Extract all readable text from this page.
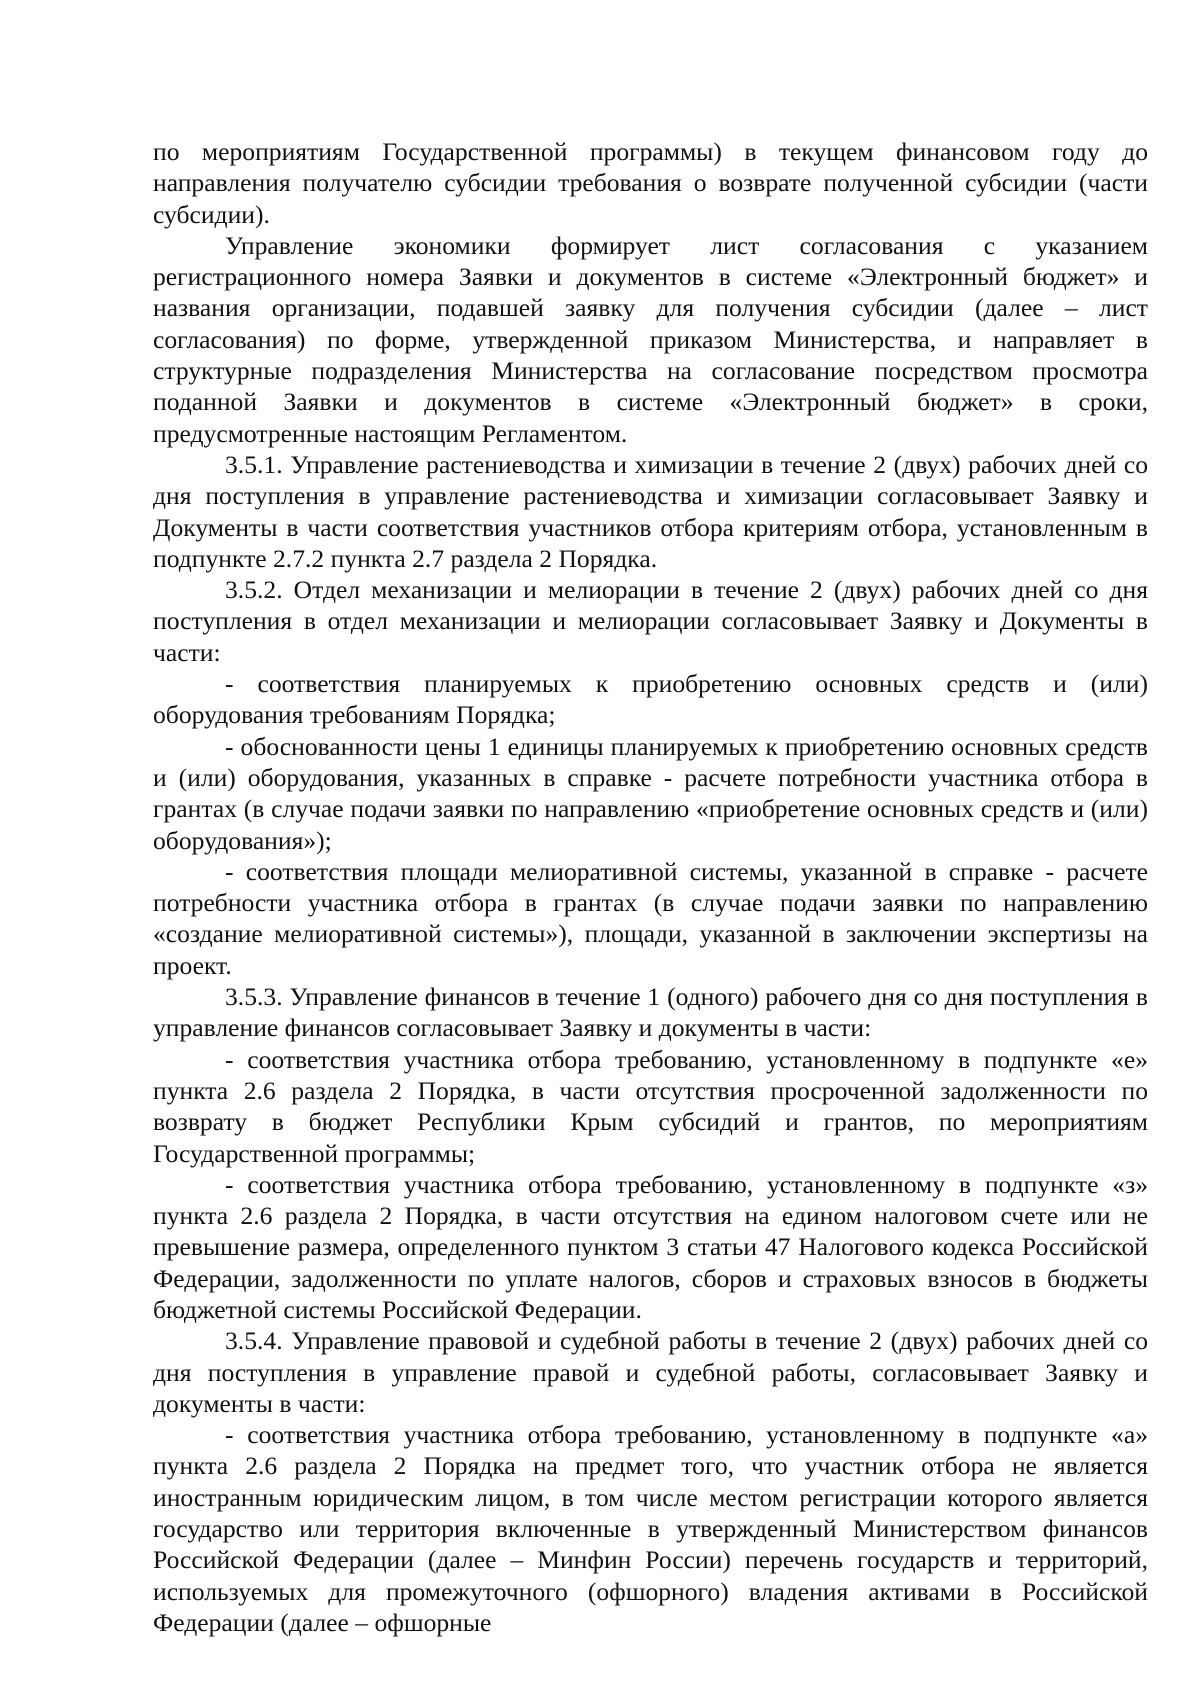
по мероприятиям Государственной программы) в текущем финансовом году до направления получателю субсидии требования о возврате полученной субсидии (части субсидии).

Управление экономики формирует лист согласования с указанием регистрационного номера Заявки и документов в системе «Электронный бюджет» и названия организации, подавшей заявку для получения субсидии (далее – лист согласования) по форме, утвержденной приказом Министерства, и направляет в структурные подразделения Министерства на согласование посредством просмотра поданной Заявки и документов в системе «Электронный бюджет» в сроки, предусмотренные настоящим Регламентом.

3.5.1. Управление растениеводства и химизации в течение 2 (двух) рабочих дней со дня поступления в управление растениеводства и химизации согласовывает Заявку и Документы в части соответствия участников отбора критериям отбора, установленным в подпункте 2.7.2 пункта 2.7 раздела 2 Порядка.

3.5.2. Отдел механизации и мелиорации в течение 2 (двух) рабочих дней со дня поступления в отдел механизации и мелиорации согласовывает Заявку и Документы в части:

- соответствия планируемых к приобретению основных средств и (или) оборудования требованиям Порядка;

- обоснованности цены 1 единицы планируемых к приобретению основных средств и (или) оборудования, указанных в справке - расчете потребности участника отбора в грантах (в случае подачи заявки по направлению «приобретение основных средств и (или) оборудования»);

- соответствия площади мелиоративной системы, указанной в справке - расчете потребности участника отбора в грантах (в случае подачи заявки по направлению «создание мелиоративной системы»), площади, указанной в заключении экспертизы на проект.

3.5.3. Управление финансов в течение 1 (одного) рабочего дня со дня поступления в управление финансов согласовывает Заявку и документы в части:

- соответствия участника отбора требованию, установленному в подпункте «е» пункта 2.6 раздела 2 Порядка, в части отсутствия просроченной задолженности по возврату в бюджет Республики Крым субсидий и грантов, по мероприятиям Государственной программы;

- соответствия участника отбора требованию, установленному в подпункте «з» пункта 2.6 раздела 2 Порядка, в части отсутствия на едином налоговом счете или не превышение размера, определенного пунктом 3 статьи 47 Налогового кодекса Российской Федерации, задолженности по уплате налогов, сборов и страховых взносов в бюджеты бюджетной системы Российской Федерации.

3.5.4. Управление правовой и судебной работы в течение 2 (двух) рабочих дней со дня поступления в управление правой и судебной работы, согласовывает Заявку и документы в части:

- соответствия участника отбора требованию, установленному в подпункте «а» пункта 2.6 раздела 2 Порядка на предмет того, что участник отбора не является иностранным юридическим лицом, в том числе местом регистрации которого является государство или территория включенные в утвержденный Министерством финансов Российской Федерации (далее – Минфин России) перечень государств и территорий, используемых для промежуточного (офшорного) владения активами в Российской Федерации (далее – офшорные
